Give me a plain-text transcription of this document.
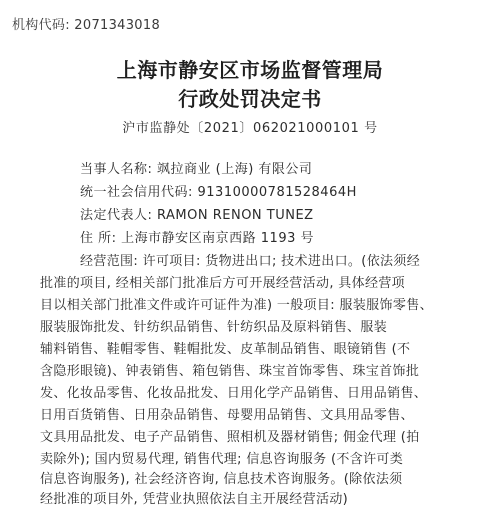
机构代码: 2071343018
上海市静安区市场监督管理局
行政处罚决定书
沪市监静处〔2021〕062021000101 号
当事人名称: 飒拉商业 (上海) 有限公司
统一社会信用代码: 91310000781528464H
法定代表人: RAMON RENON TUNEZ
住 所: 上海市静安区南京西路 1193 号
经营范围: 许可项目: 货物进出口; 技术进出口。(依法须经
批准的项目, 经相关部门批准后方可开展经营活动, 具体经营项
目以相关部门批准文件或许可证件为准) 一般项目: 服装服饰零售、
服装服饰批发、针纺织品销售、针纺织品及原料销售、服装
辅料销售、鞋帽零售、鞋帽批发、皮革制品销售、眼镜销售 (不
含隐形眼镜)、钟表销售、箱包销售、珠宝首饰零售、珠宝首饰批
发、化妆品零售、化妆品批发、日用化学产品销售、日用品销售、
日用百货销售、日用杂品销售、母婴用品销售、文具用品零售、
文具用品批发、电子产品销售、照相机及器材销售; 佣金代理 (拍
卖除外); 国内贸易代理, 销售代理; 信息咨询服务 (不含许可类
信息咨询服务), 社会经济咨询, 信息技术咨询服务。(除依法须
经批准的项目外, 凭营业执照依法自主开展经营活动)
